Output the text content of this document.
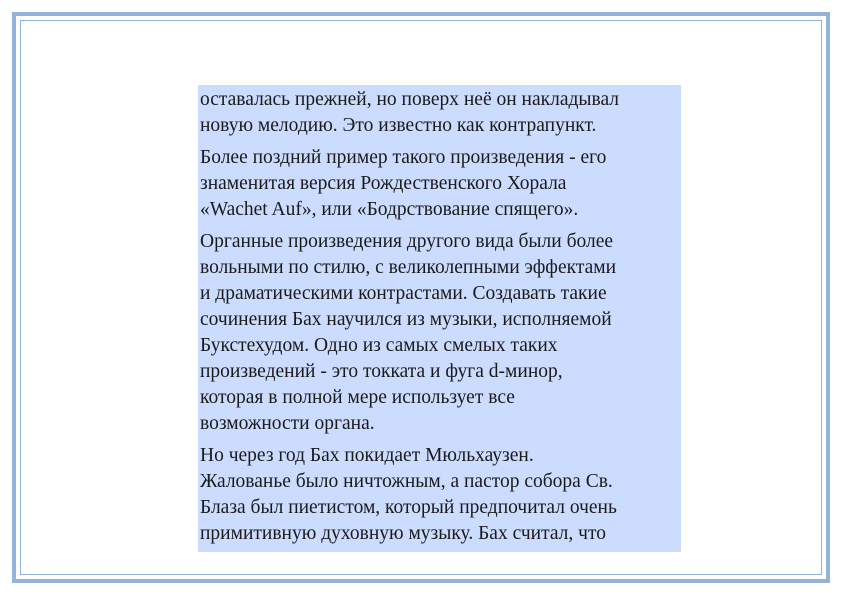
оставалась прежней, но поверх неё он накладывал
новую мелодию. Это известно как контрапункт.

Более поздний пример такого произведения - его
знаменитая версия Рождественского Хорала
«Wachet Auf», или «Бодрствование спящего».

Органные произведения другого вида были более
вольными по стилю, с великолепными эффектами
и драматическими контрастами. Создавать такие
сочинения Бах научился из музыки, исполняемой
Букстехудом. Одно из самых смелых таких
произведений - это токката и фуга d-минор,
которая в полной мере использует все
возможности органа.

Но через год Бах покидает Мюльхаузен.
Жалованье было ничтожным, а пастор собора Св.
Блаза был пиетистом, который предпочитал очень
примитивную духовную музыку. Бах считал, что
